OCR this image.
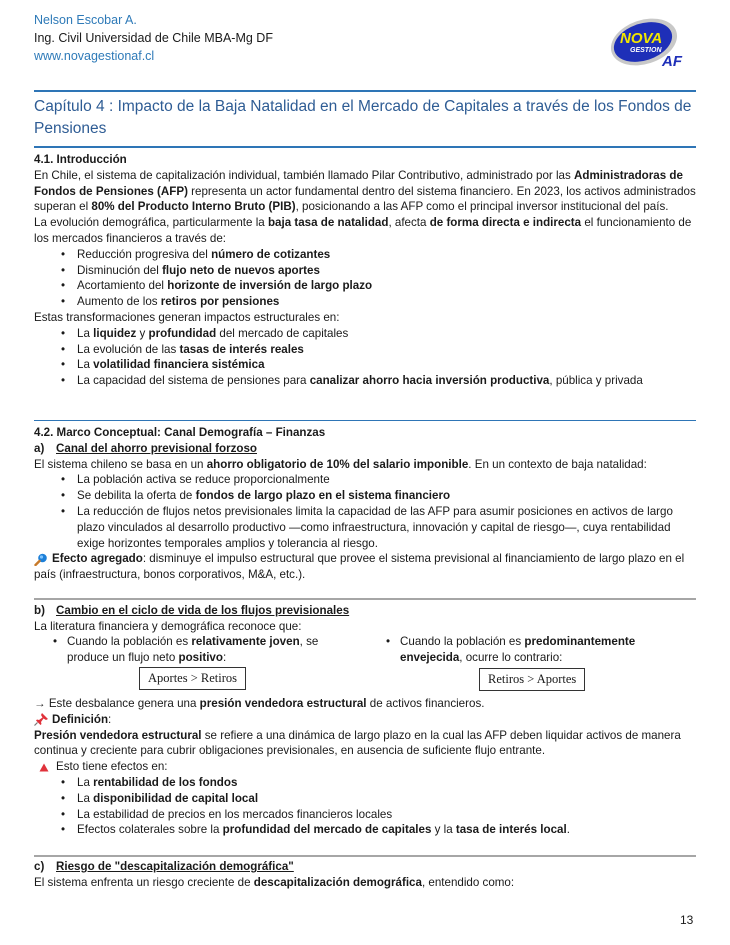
Nelson Escobar A.
Ing. Civil Universidad de Chile MBA-Mg DF
www.novagestionaf.cl
NOVA
GESTION
AF
Capítulo 4 : Impacto de la Baja Natalidad en el Mercado de Capitales a través de los Fondos de Pensiones

4.1. Introducción

En Chile, el sistema de capitalización individual, también llamado Pilar Contributivo, administrado por las Administradoras de Fondos de Pensiones (AFP) representa un actor fundamental dentro del sistema financiero. En 2023, los activos administrados superan el 80% del Producto Interno Bruto (PIB), posicionando a las AFP como el principal inversor institucional del país.

La evolución demográfica, particularmente la baja tasa de natalidad, afecta de forma directa e indirecta el funcionamiento de los mercados financieros a través de:

• Reducción progresiva del número de cotizantes
• Disminución del flujo neto de nuevos aportes
• Acortamiento del horizonte de inversión de largo plazo
• Aumento de los retiros por pensiones

Estas transformaciones generan impactos estructurales en:

• La liquidez y profundidad del mercado de capitales
• La evolución de las tasas de interés reales
• La volatilidad financiera sistémica
• La capacidad del sistema de pensiones para canalizar ahorro hacia inversión productiva, pública y privada

4.2. Marco Conceptual: Canal Demografía – Finanzas

a) Canal del ahorro previsional forzoso

El sistema chileno se basa en un ahorro obligatorio de 10% del salario imponible. En un contexto de baja natalidad:

• La población activa se reduce proporcionalmente
• Se debilita la oferta de fondos de largo plazo en el sistema financiero
• La reducción de flujos netos previsionales limita la capacidad de las AFP para asumir posiciones en activos de largo plazo vinculados al desarrollo productivo —como infraestructura, innovación y capital de riesgo—, cuya rentabilidad exige horizontes temporales amplios y tolerancia al riesgo.

Efecto agregado: disminuye el impulso estructural que provee el sistema previsional al financiamiento de largo plazo en el país (infraestructura, bonos corporativos, M&A, etc.).

b) Cambio en el ciclo de vida de los flujos previsionales

La literatura financiera y demográfica reconoce que:

• Cuando la población es relativamente joven, se produce un flujo neto positivo:
• Cuando la población es predominantemente envejecida, ocurre lo contrario:
Aportes > Retiros	Retiros > Aportes

→ Este desbalance genera una presión vendedora estructural de activos financieros.

Definición:

Presión vendedora estructural se refiere a una dinámica de largo plazo en la cual las AFP deben liquidar activos de manera continua y creciente para cubrir obligaciones previsionales, en ausencia de suficiente flujo entrante.

Esto tiene efectos en:

• La rentabilidad de los fondos
• La disponibilidad de capital local
• La estabilidad de precios en los mercados financieros locales
• Efectos colaterales sobre la profundidad del mercado de capitales y la tasa de interés local.

c) Riesgo de "descapitalización demográfica"

El sistema enfrenta un riesgo creciente de descapitalización demográfica, entendido como:

13
